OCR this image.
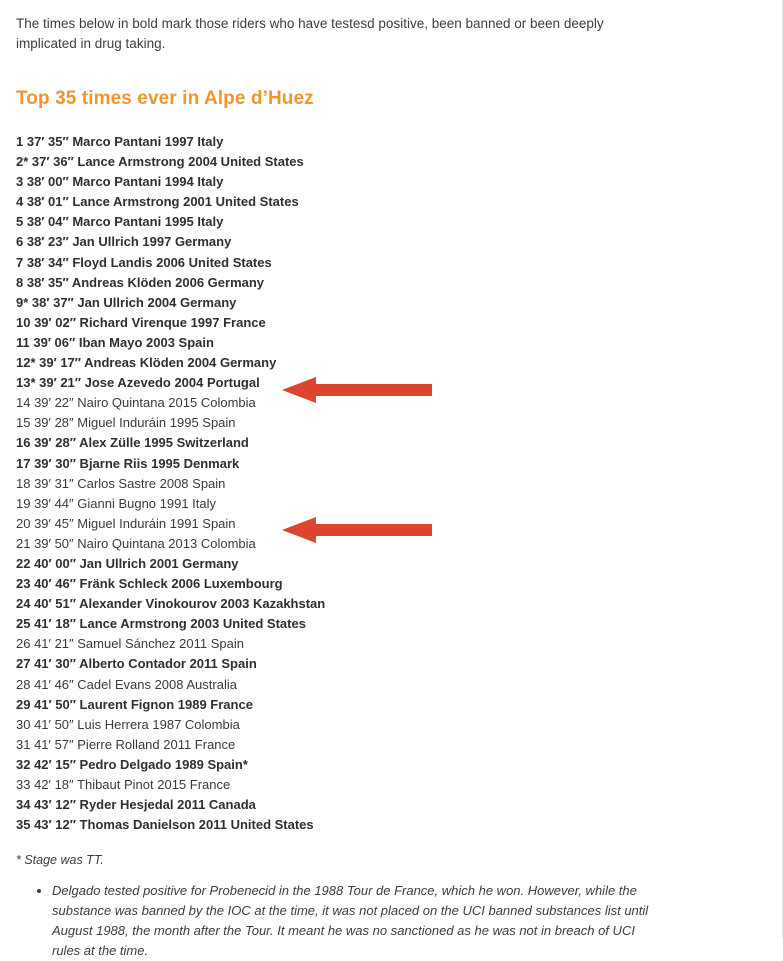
The times below in bold mark those riders who have testesd positive, been banned or been deeply implicated in drug taking.

Top 35 times ever in Alpe d’Huez
1 37′ 35″ Marco Pantani 1997 Italy
2* 37′ 36″ Lance Armstrong 2004 United States
3 38′ 00″ Marco Pantani 1994 Italy
4 38′ 01″ Lance Armstrong 2001 United States
5 38′ 04″ Marco Pantani 1995 Italy
6 38′ 23″ Jan Ullrich 1997 Germany
7 38′ 34″ Floyd Landis 2006 United States
8 38′ 35″ Andreas Klöden 2006 Germany
9* 38′ 37″ Jan Ullrich 2004 Germany
10 39′ 02″ Richard Virenque 1997 France
11 39′ 06″ Iban Mayo 2003 Spain
12* 39′ 17″ Andreas Klöden 2004 Germany
13* 39′ 21″ Jose Azevedo 2004 Portugal
14 39′ 22″ Nairo Quintana 2015 Colombia
15 39′ 28″ Miguel Induráin 1995 Spain
16 39′ 28″ Alex Zülle 1995 Switzerland
17 39′ 30″ Bjarne Riis 1995 Denmark
18 39′ 31″ Carlos Sastre 2008 Spain
19 39′ 44″ Gianni Bugno 1991 Italy
20 39′ 45″ Miguel Induráin 1991 Spain
21 39′ 50″ Nairo Quintana 2013 Colombia
22 40′ 00″ Jan Ullrich 2001 Germany
23 40′ 46″ Fränk Schleck 2006 Luxembourg
24 40′ 51″ Alexander Vinokourov 2003 Kazakhstan
25 41′ 18″ Lance Armstrong 2003 United States
26 41′ 21″ Samuel Sánchez 2011 Spain
27 41′ 30″ Alberto Contador 2011 Spain
28 41′ 46″ Cadel Evans 2008 Australia
29 41′ 50″ Laurent Fignon 1989 France
30 41′ 50″ Luis Herrera 1987 Colombia
31 41′ 57″ Pierre Rolland 2011 France
32 42′ 15″ Pedro Delgado 1989 Spain*
33 42′ 18″ Thibaut Pinot 2015 France
34 43′ 12″ Ryder Hesjedal 2011 Canada
35 43′ 12″ Thomas Danielson 2011 United States

* Stage was TT.

• Delgado tested positive for Probenecid in the 1988 Tour de France, which he won. However, while the substance was banned by the IOC at the time, it was not placed on the UCI banned substances list until August 1988, the month after the Tour. It meant he was no sanctioned as he was not in breach of UCI rules at the time.
